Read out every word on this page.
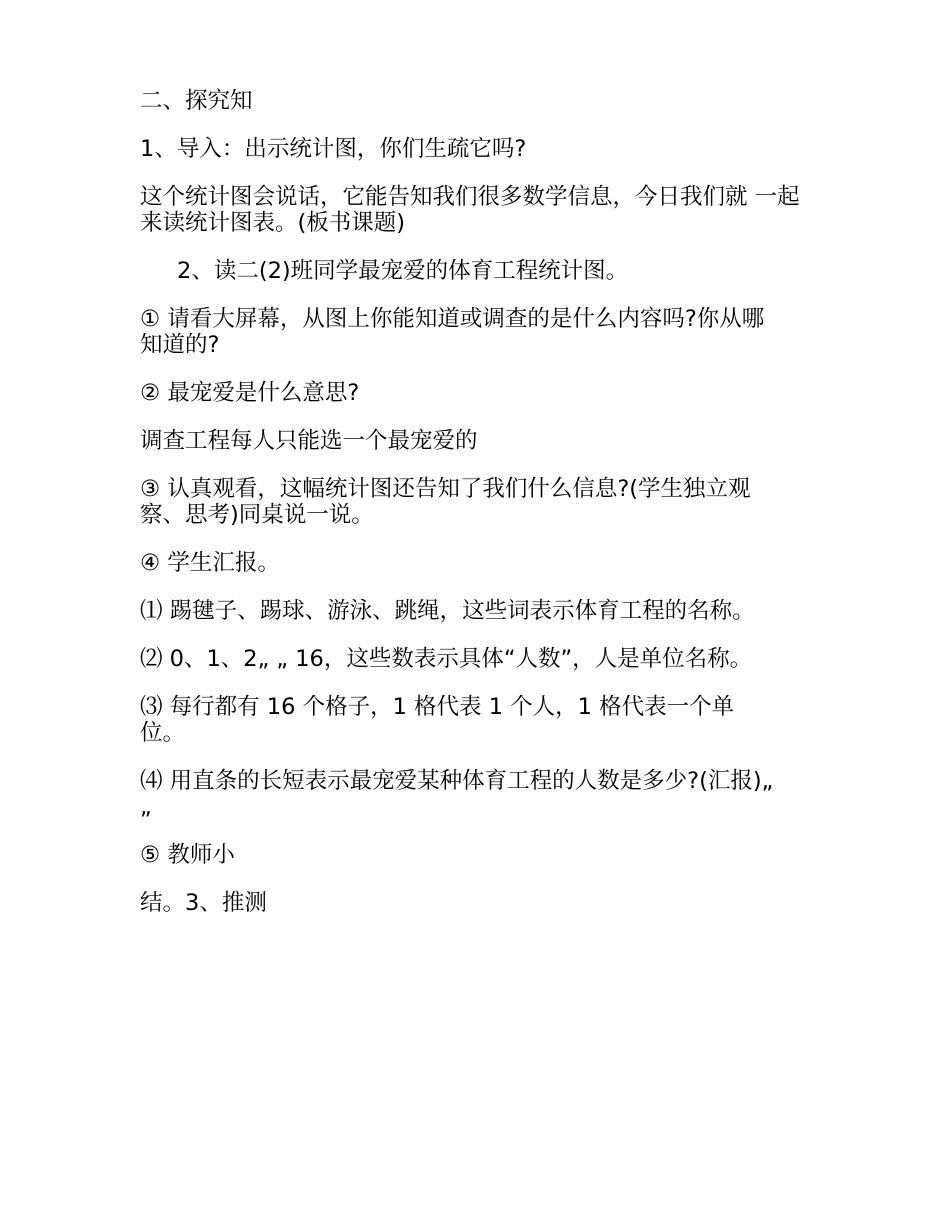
二、探究知

1、导入：出示统计图，你们生疏它吗?

这个统计图会说话，它能告知我们很多数学信息，今日我们就 一起来读统计图表。(板书课题)

2、读二(2)班同学最宠爱的体育工程统计图。

① 请看大屏幕，从图上你能知道或调查的是什么内容吗?你从哪知道的?

② 最宠爱是什么意思?

调查工程每人只能选一个最宠爱的

③ 认真观看，这幅统计图还告知了我们什么信息?(学生独立观察、思考)同桌说一说。

④ 学生汇报。

⑴ 踢毽子、踢球、游泳、跳绳，这些词表示体育工程的名称。

⑵ 0、1、2„ „ 16，这些数表示具体“人数”，人是单位名称。

⑶ 每行都有 16 个格子，1 格代表 1 个人，1 格代表一个单位。

⑷ 用直条的长短表示最宠爱某种体育工程的人数是多少?(汇报)„ „

⑤ 教师小

结。3、推测
